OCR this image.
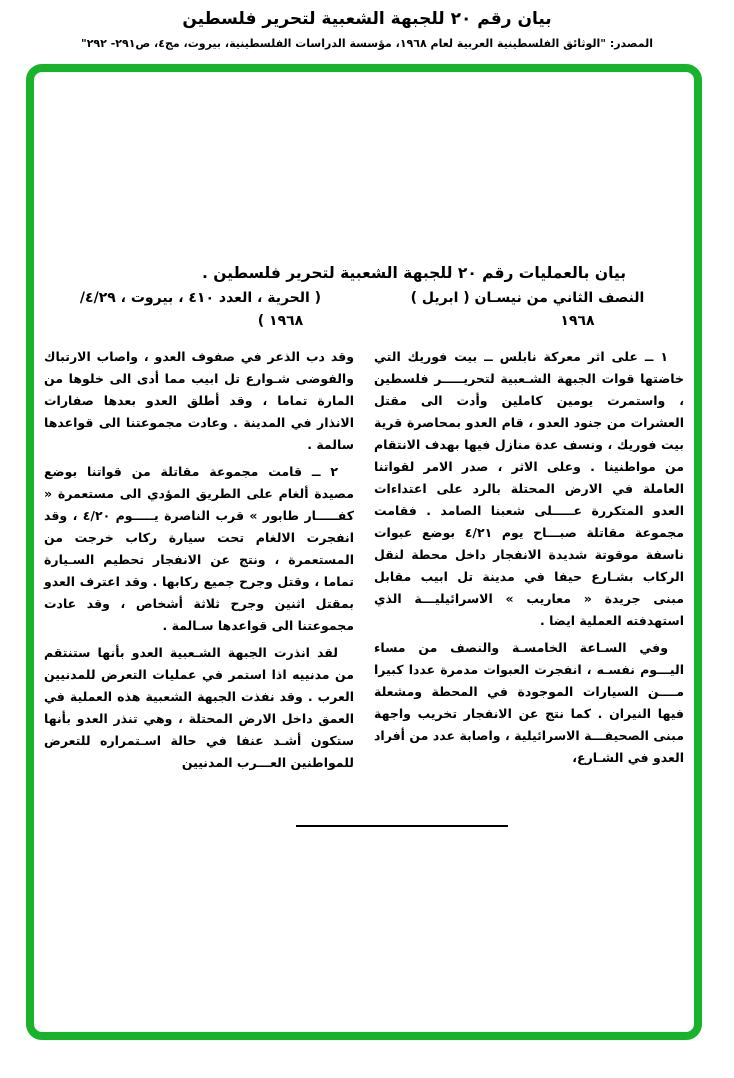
بيان رقم ٢٠ للجبهة الشعبية لتحرير فلسطين
المصدر: "الوثائق الفلسطينية العربية لعام ١٩٦٨، مؤسسة الدراسات الفلسطينية، بيروت، مج٤، ص٢٩١- ٢٩٢"
بيان بالعمليات رقم ٢٠ للجبهة الشعبية لتحرير فلسطين .
النصف الثاني من نيسـان ( ابريل )
١٩٦٨
( الحرية ، العدد ٤١٠ ، بيروت ، ٢٩‏/‏٤‏/
١٩٦٨ )

١ ــ على اثر معركة نابلس ــ بيت فوريك التي خاضتها قوات الجبهة الشـعبية لتحريـــــر فلسطين ، واستمرت يومين كاملين وأدت الى مقتل العشرات من جنود العدو ، قام العدو بمحاصرة قرية بيت فوريك ، ونسف عدة منازل فيها بهدف الانتقام من مواطنينا . وعلى الاثر ، صدر الامر لقواتنا العاملة في الارض المحتلة بالرد على اعتداءات العدو المتكررة عـــــلى شعبنا الصامد . فقامت مجموعة مقاتلة صبـــاح يوم ٢١‏/‏٤ بوضع عبوات ناسفة موقوتة شديدة الانفجار داخل محطة لنقل الركاب بشـارع حيفا في مدينة تل ابيب مقابل مبنى جريدة « معاريب » الاسرائيليـــة الذي استهدفته العملية ايضا .

وفي السـاعة الخامسـة والنصف من مساء اليـــوم نفسـه ، انفجرت العبوات مدمرة عددا كبيرا مــــن السيارات الموجودة في المحطة ومشعلة فيها النيران . كما نتج عن الانفجار تخريب واجهة مبنى الصحيفـــة الاسرائيلية ، واصابة عدد من أفراد العدو في الشـارع،

وقد دب الذعر في صفوف العدو ، واصاب الارتباك والفوضى شـوارع تل ابيب مما أدى الى خلوها من المارة تماما ، وقد أطلق العدو بعدها صفارات الانذار في المدينة . وعادت مجموعتنا الى قواعدها سالمة .

٢ ــ قامت مجموعة مقاتلة من قواتنا بوضع مصيدة ألغام على الطريق المؤدي الى مستعمرة « كفـــــار طابور » قرب الناصرة يـــــوم ٢٠‏/‏٤ ، وقد انفجرت الالغام تحت سيارة ركاب خرجت من المستعمرة ، ونتج عن الانفجار تحطيم السـيارة تماما ، وقتل وجرح جميع ركابها . وقد اعترف العدو بمقتل اثنين وجرح ثلاثة أشخاص ، وقد عادت مجموعتنا الى قواعدها سـالمة .

لقد انذرت الجبهة الشـعبية العدو بأنها ستنتقم من مدنييه اذا استمر في عمليات التعرض للمدنيين العرب . وقد نفذت الجبهة الشعبية هذه العملية في العمق داخل الارض المحتلة ، وهي تنذر العدو بأنها ستكون أشـد عنفا في حالة اسـتمراره للتعرض للمواطنين العـــرب المدنيين
